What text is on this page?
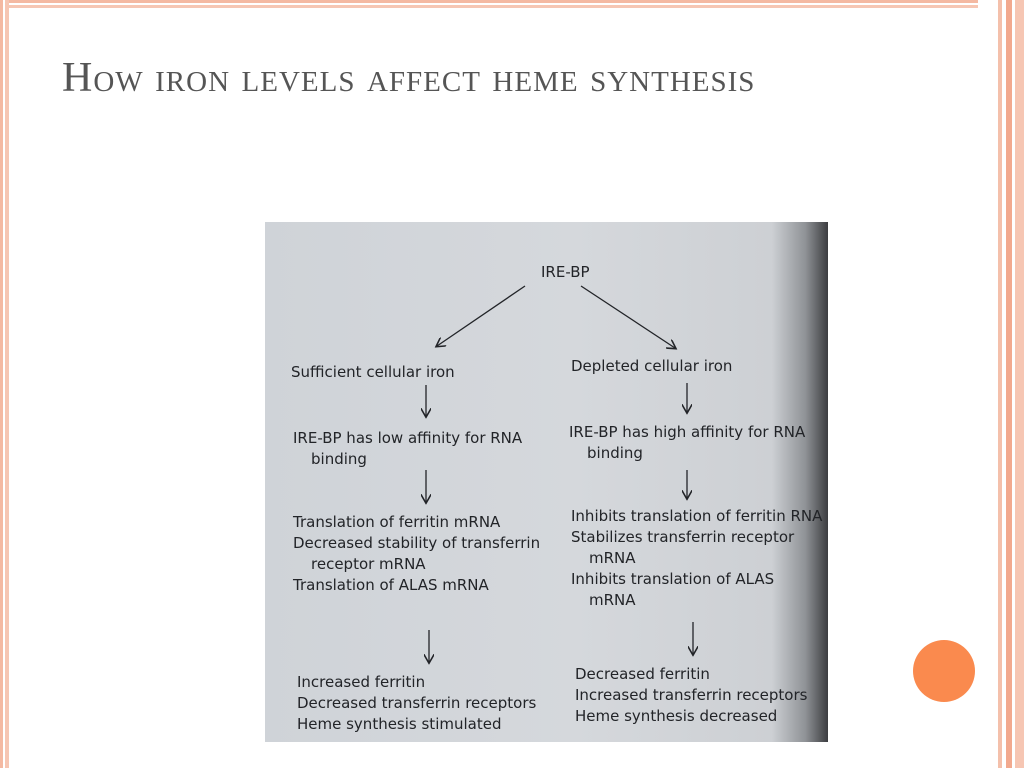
How iron levels affect heme synthesis
IRE-BP
Sufficient cellular iron	Depleted cellular iron
IRE-BP has low affinity for RNA
binding
IRE-BP has high affinity for RNA
binding
Translation of ferritin mRNA
Decreased stability of transferrin
receptor mRNA
Translation of ALAS mRNA
Inhibits translation of ferritin RNA
Stabilizes transferrin receptor
mRNA
Inhibits translation of ALAS
mRNA
Increased ferritin
Decreased transferrin receptors
Heme synthesis stimulated
Decreased ferritin
Increased transferrin receptors
Heme synthesis decreased
